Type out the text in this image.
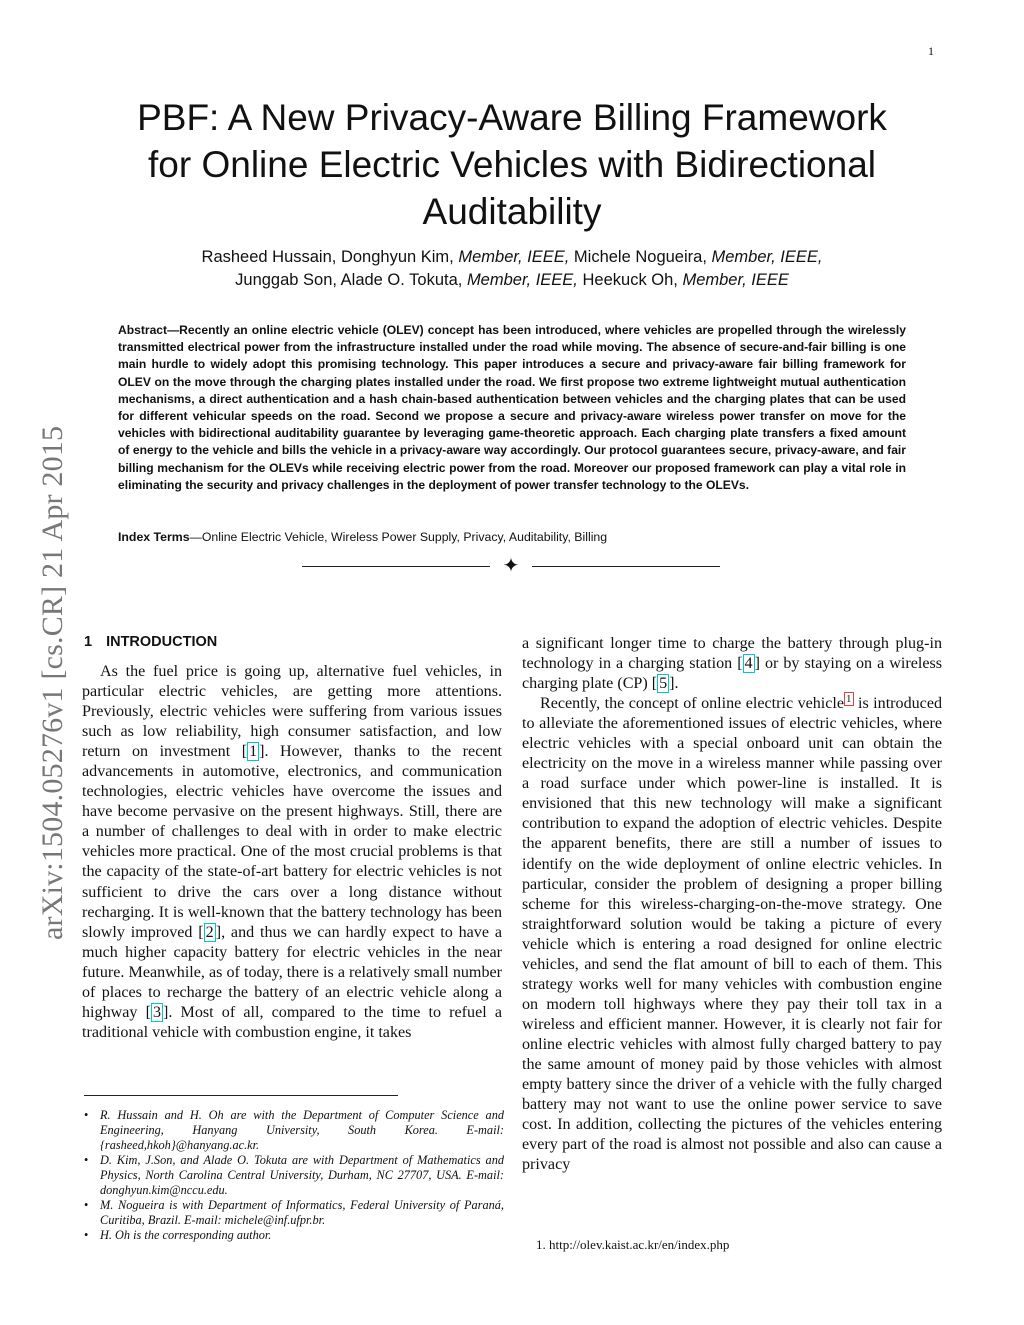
1
PBF: A New Privacy-Aware Billing Framework
for Online Electric Vehicles with Bidirectional
Auditability
Rasheed Hussain, Donghyun Kim, Member, IEEE, Michele Nogueira, Member, IEEE,
Junggab Son, Alade O. Tokuta, Member, IEEE, Heekuck Oh, Member, IEEE
Abstract—Recently an online electric vehicle (OLEV) concept has been introduced, where vehicles are propelled through the wirelessly transmitted electrical power from the infrastructure installed under the road while moving. The absence of secure-and-fair billing is one main hurdle to widely adopt this promising technology. This paper introduces a secure and privacy-aware fair billing framework for OLEV on the move through the charging plates installed under the road. We first propose two extreme lightweight mutual authentication mechanisms, a direct authentication and a hash chain-based authentication between vehicles and the charging plates that can be used for different vehicular speeds on the road. Second we propose a secure and privacy-aware wireless power transfer on move for the vehicles with bidirectional auditability guarantee by leveraging game-theoretic approach. Each charging plate transfers a fixed amount of energy to the vehicle and bills the vehicle in a privacy-aware way accordingly. Our protocol guarantees secure, privacy-aware, and fair billing mechanism for the OLEVs while receiving electric power from the road. Moreover our proposed framework can play a vital role in eliminating the security and privacy challenges in the deployment of power transfer technology to the OLEVs.
Index Terms—Online Electric Vehicle, Wireless Power Supply, Privacy, Auditability, Billing
✦
arXiv:1504.05276v1 [cs.CR] 21 Apr 2015 1 INTRODUCTION

As the fuel price is going up, alternative fuel vehicles, in particular electric vehicles, are getting more attentions. Previously, electric vehicles were suffering from various issues such as low reliability, high consumer satisfaction, and low return on investment [ 1 ]. However, thanks to the recent advancements in automotive, electronics, and communication technologies, electric vehicles have overcome the issues and have become pervasive on the present highways. Still, there are a number of challenges to deal with in order to make electric vehicles more practical. One of the most crucial problems is that the capacity of the state-of-art battery for electric vehicles is not sufficient to drive the cars over a long distance without recharging. It is well-known that the battery technology has been slowly improved [ 2 ], and thus we can hardly expect to have a much higher capacity battery for electric vehicles in the near future. Meanwhile, as of today, there is a relatively small number of places to recharge the battery of an electric vehicle along a highway [ 3 ]. Most of all, compared to the time to refuel a traditional vehicle with combustion engine, it takes

a significant longer time to charge the battery through plug-in technology in a charging station [ 4 ] or by staying on a wireless charging plate (CP) [ 5 ].

Recently, the concept of online electric vehicle $^1$ is introduced to alleviate the aforementioned issues of electric vehicles, where electric vehicles with a special onboard unit can obtain the electricity on the move in a wireless manner while passing over a road surface under which power-line is installed. It is envisioned that this new technology will make a significant contribution to expand the adoption of electric vehicles. Despite the apparent benefits, there are still a number of issues to identify on the wide deployment of online electric vehicles. In particular, consider the problem of designing a proper billing scheme for this wireless-charging-on-the-move strategy. One straightforward solution would be taking a picture of every vehicle which is entering a road designed for online electric vehicles, and send the flat amount of bill to each of them. This strategy works well for many vehicles with combustion engine on modern toll highways where they pay their toll tax in a wireless and efficient manner. However, it is clearly not fair for online electric vehicles with almost fully charged battery to pay the same amount of money paid by those vehicles with almost empty battery since the driver of a vehicle with the fully charged battery may not want to use the online power service to save cost. In addition, collecting the pictures of the vehicles entering every part of the road is almost not possible and also can cause a privacy

• R. Hussain and H. Oh are with the Department of Computer Science and Engineering, Hanyang University, South Korea. E-mail: {rasheed,hkoh}@hanyang.ac.kr.
• D. Kim, J.Son, and Alade O. Tokuta are with Department of Mathematics and Physics, North Carolina Central University, Durham, NC 27707, USA. E-mail: donghyun.kim@nccu.edu.
• M. Nogueira is with Department of Informatics, Federal University of Paraná, Curitiba, Brazil. E-mail: michele@inf.ufpr.br.
• H. Oh is the corresponding author.
1. http://olev.kaist.ac.kr/en/index.php
